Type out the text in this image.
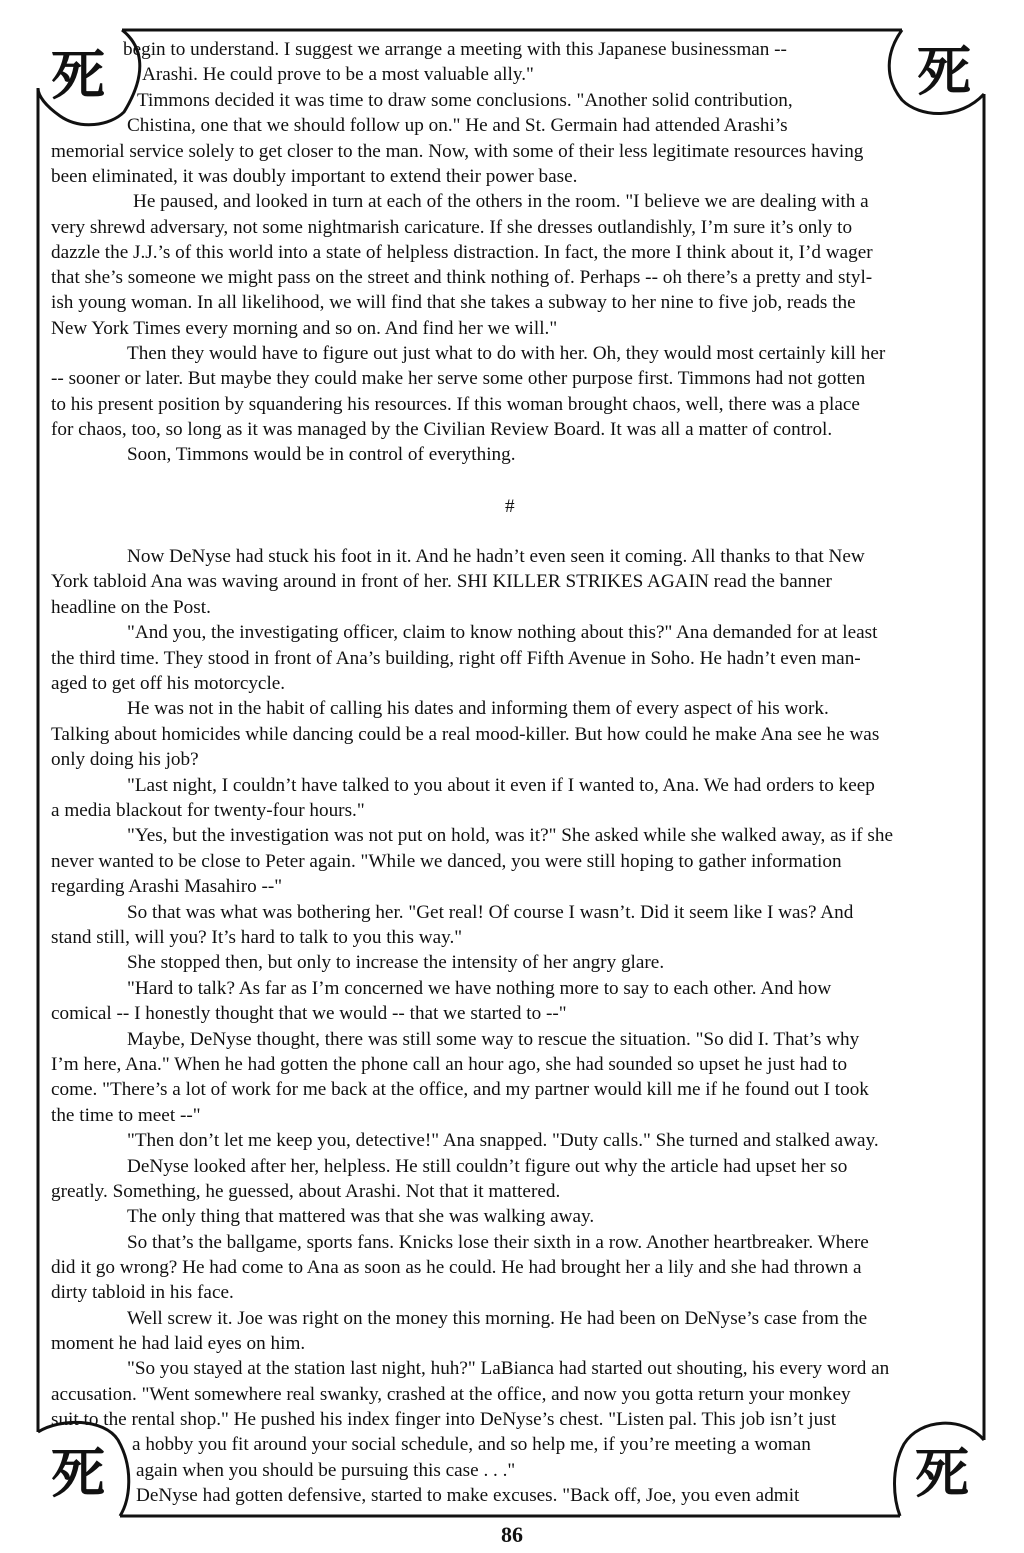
死	死
死	死
begin to understand. I suggest we arrange a meeting with this Japanese businessman --
Arashi. He could prove to be a most valuable ally."
Timmons decided it was time to draw some conclusions. "Another solid contribution,
Chistina, one that we should follow up on." He and St. Germain had attended Arashi’s
memorial service solely to get closer to the man. Now, with some of their less legitimate resources having
been eliminated, it was doubly important to extend their power base.
He paused, and looked in turn at each of the others in the room. "I believe we are dealing with a
very shrewd adversary, not some nightmarish caricature. If she dresses outlandishly, I’m sure it’s only to
dazzle the J.J.’s of this world into a state of helpless distraction. In fact, the more I think about it, I’d wager
that she’s someone we might pass on the street and think nothing of. Perhaps -- oh there’s a pretty and styl-
ish young woman. In all likelihood, we will find that she takes a subway to her nine to five job, reads the
New York Times every morning and so on. And find her we will."
Then they would have to figure out just what to do with her. Oh, they would most certainly kill her
-- sooner or later. But maybe they could make her serve some other purpose first. Timmons had not gotten
to his present position by squandering his resources. If this woman brought chaos, well, there was a place
for chaos, too, so long as it was managed by the Civilian Review Board. It was all a matter of control.
Soon, Timmons would be in control of everything.
#
Now DeNyse had stuck his foot in it. And he hadn’t even seen it coming. All thanks to that New
York tabloid Ana was waving around in front of her. SHI KILLER STRIKES AGAIN read the banner
headline on the Post.
"And you, the investigating officer, claim to know nothing about this?" Ana demanded for at least
the third time. They stood in front of Ana’s building, right off Fifth Avenue in Soho. He hadn’t even man-
aged to get off his motorcycle.
He was not in the habit of calling his dates and informing them of every aspect of his work.
Talking about homicides while dancing could be a real mood-killer. But how could he make Ana see he was
only doing his job?
"Last night, I couldn’t have talked to you about it even if I wanted to, Ana. We had orders to keep
a media blackout for twenty-four hours."
"Yes, but the investigation was not put on hold, was it?" She asked while she walked away, as if she
never wanted to be close to Peter again. "While we danced, you were still hoping to gather information
regarding Arashi Masahiro --"
So that was what was bothering her. "Get real! Of course I wasn’t. Did it seem like I was? And
stand still, will you? It’s hard to talk to you this way."
She stopped then, but only to increase the intensity of her angry glare.
"Hard to talk? As far as I’m concerned we have nothing more to say to each other. And how
comical -- I honestly thought that we would -- that we started to --"
Maybe, DeNyse thought, there was still some way to rescue the situation. "So did I. That’s why
I’m here, Ana." When he had gotten the phone call an hour ago, she had sounded so upset he just had to
come. "There’s a lot of work for me back at the office, and my partner would kill me if he found out I took
the time to meet --"
"Then don’t let me keep you, detective!" Ana snapped. "Duty calls." She turned and stalked away.
DeNyse looked after her, helpless. He still couldn’t figure out why the article had upset her so
greatly. Something, he guessed, about Arashi. Not that it mattered.
The only thing that mattered was that she was walking away.
So that’s the ballgame, sports fans. Knicks lose their sixth in a row. Another heartbreaker. Where
did it go wrong? He had come to Ana as soon as he could. He had brought her a lily and she had thrown a
dirty tabloid in his face.
Well screw it. Joe was right on the money this morning. He had been on DeNyse’s case from the
moment he had laid eyes on him.
"So you stayed at the station last night, huh?" LaBianca had started out shouting, his every word an
accusation. "Went somewhere real swanky, crashed at the office, and now you gotta return your monkey
suit to the rental shop." He pushed his index finger into DeNyse’s chest. "Listen pal. This job isn’t just
a hobby you fit around your social schedule, and so help me, if you’re meeting a woman
again when you should be pursuing this case . . ."
DeNyse had gotten defensive, started to make excuses. "Back off, Joe, you even admit
86
